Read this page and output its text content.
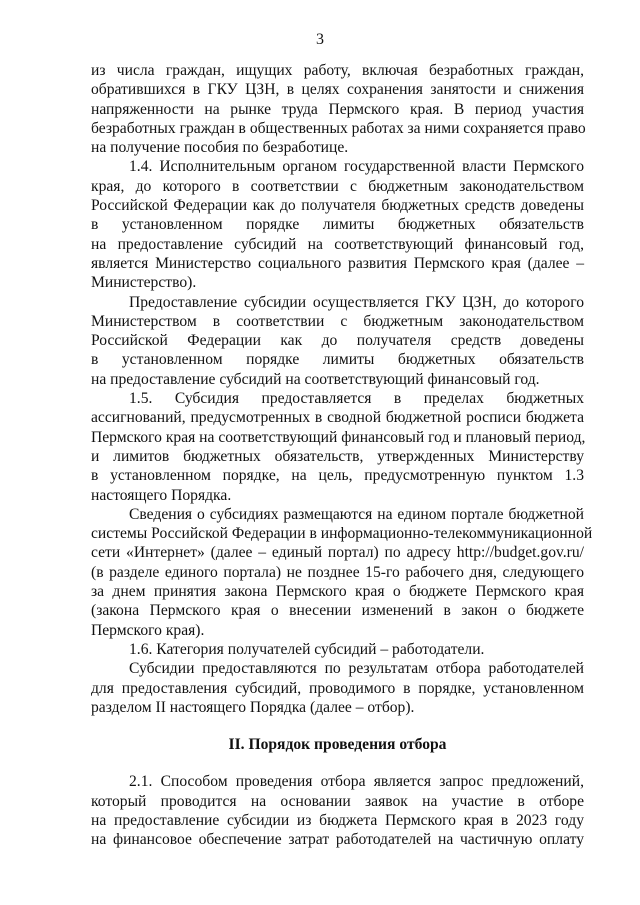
3
из числа граждан, ищущих работу, включая безработных граждан,
обратившихся в ГКУ ЦЗН, в целях сохранения занятости и снижения
напряженности на рынке труда Пермского края. В период участия
безработных граждан в общественных работах за ними сохраняется право
на получение пособия по безработице.
1.4. Исполнительным органом государственной власти Пермского
края, до которого в соответствии с бюджетным законодательством
Российской Федерации как до получателя бюджетных средств доведены
в установленном порядке лимиты бюджетных обязательств
на предоставление субсидий на соответствующий финансовый год,
является Министерство социального развития Пермского края (далее –
Министерство).
Предоставление субсидии осуществляется ГКУ ЦЗН, до которого
Министерством в соответствии с бюджетным законодательством
Российской Федерации как до получателя средств доведены
в установленном порядке лимиты бюджетных обязательств
на предоставление субсидий на соответствующий финансовый год.
1.5. Субсидия предоставляется в пределах бюджетных
ассигнований, предусмотренных в сводной бюджетной росписи бюджета
Пермского края на соответствующий финансовый год и плановый период,
и лимитов бюджетных обязательств, утвержденных Министерству
в установленном порядке, на цель, предусмотренную пунктом 1.3
настоящего Порядка.
Сведения о субсидиях размещаются на едином портале бюджетной
системы Российской Федерации в информационно-телекоммуникационной
сети «Интернет» (далее – единый портал) по адресу http://budget.gov.ru/
(в разделе единого портала) не позднее 15-го рабочего дня, следующего
за днем принятия закона Пермского края о бюджете Пермского края
(закона Пермского края о внесении изменений в закон о бюджете
Пермского края).
1.6. Категория получателей субсидий – работодатели.
Субсидии предоставляются по результатам отбора работодателей
для предоставления субсидий, проводимого в порядке, установленном
разделом II настоящего Порядка (далее – отбор).
II. Порядок проведения отбора
2.1. Способом проведения отбора является запрос предложений,
который проводится на основании заявок на участие в отборе
на предоставление субсидии из бюджета Пермского края в 2023 году
на финансовое обеспечение затрат работодателей на частичную оплату
